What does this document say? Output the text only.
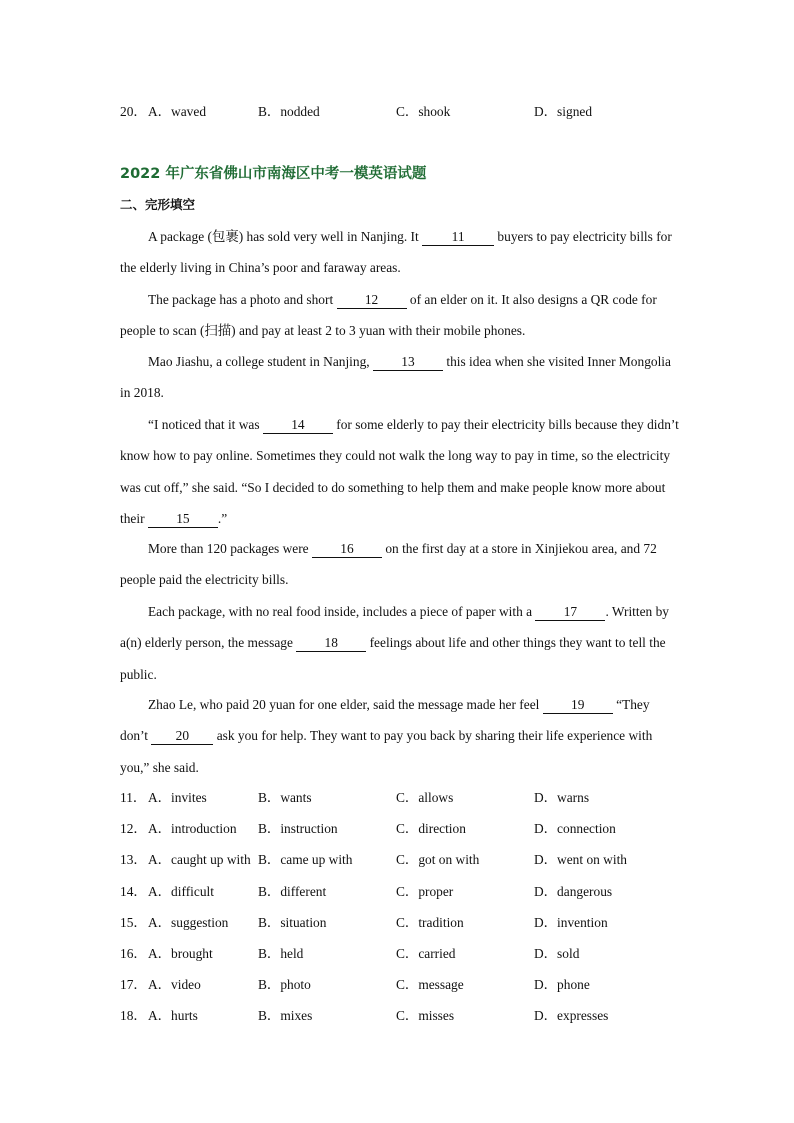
20． A．waved	B．nodded	C．shook	D．signed
2022 年广东省佛山市南海区中考一模英语试题
二、完形填空
A package (包裹) has sold very well in Nanjing. It 11 buyers to pay electricity bills for the elderly living in China’s poor and faraway areas.
The package has a photo and short 12 of an elder on it. It also designs a QR code for people to scan (扫描) and pay at least 2 to 3 yuan with their mobile phones.
Mao Jiashu, a college student in Nanjing, 13 this idea when she visited Inner Mongolia in 2018.
“I noticed that it was 14 for some elderly to pay their electricity bills because they didn’t know how to pay online. Sometimes they could not walk the long way to pay in time, so the electricity was cut off,” she said. “So I decided to do something to help them and make people know more about their 15 .”
More than 120 packages were 16 on the first day at a store in Xinjiekou area, and 72 people paid the electricity bills.
Each package, with no real food inside, includes a piece of paper with a 17 . Written by a(n) elderly person, the message 18 feelings about life and other things they want to tell the public.
Zhao Le, who paid 20 yuan for one elder, said the message made her feel 19 “They don’t 20 ask you for help. They want to pay you back by sharing their life experience with you,” she said.
11． A．invites	B．wants	C．allows	D．warns
12． A．introduction B．instruction	C．direction	D．connection
13． A．caught up with B．came up with	C．got on with	D．went on with
14． A．difficult	B．different	C．proper	D．dangerous
15． A．suggestion B．situation	C．tradition	D．invention
16． A．brought	B．held	C．carried	D．sold
17． A．video	B．photo	C．message	D．phone
18． A．hurts	B．mixes	C．misses	D．expresses
